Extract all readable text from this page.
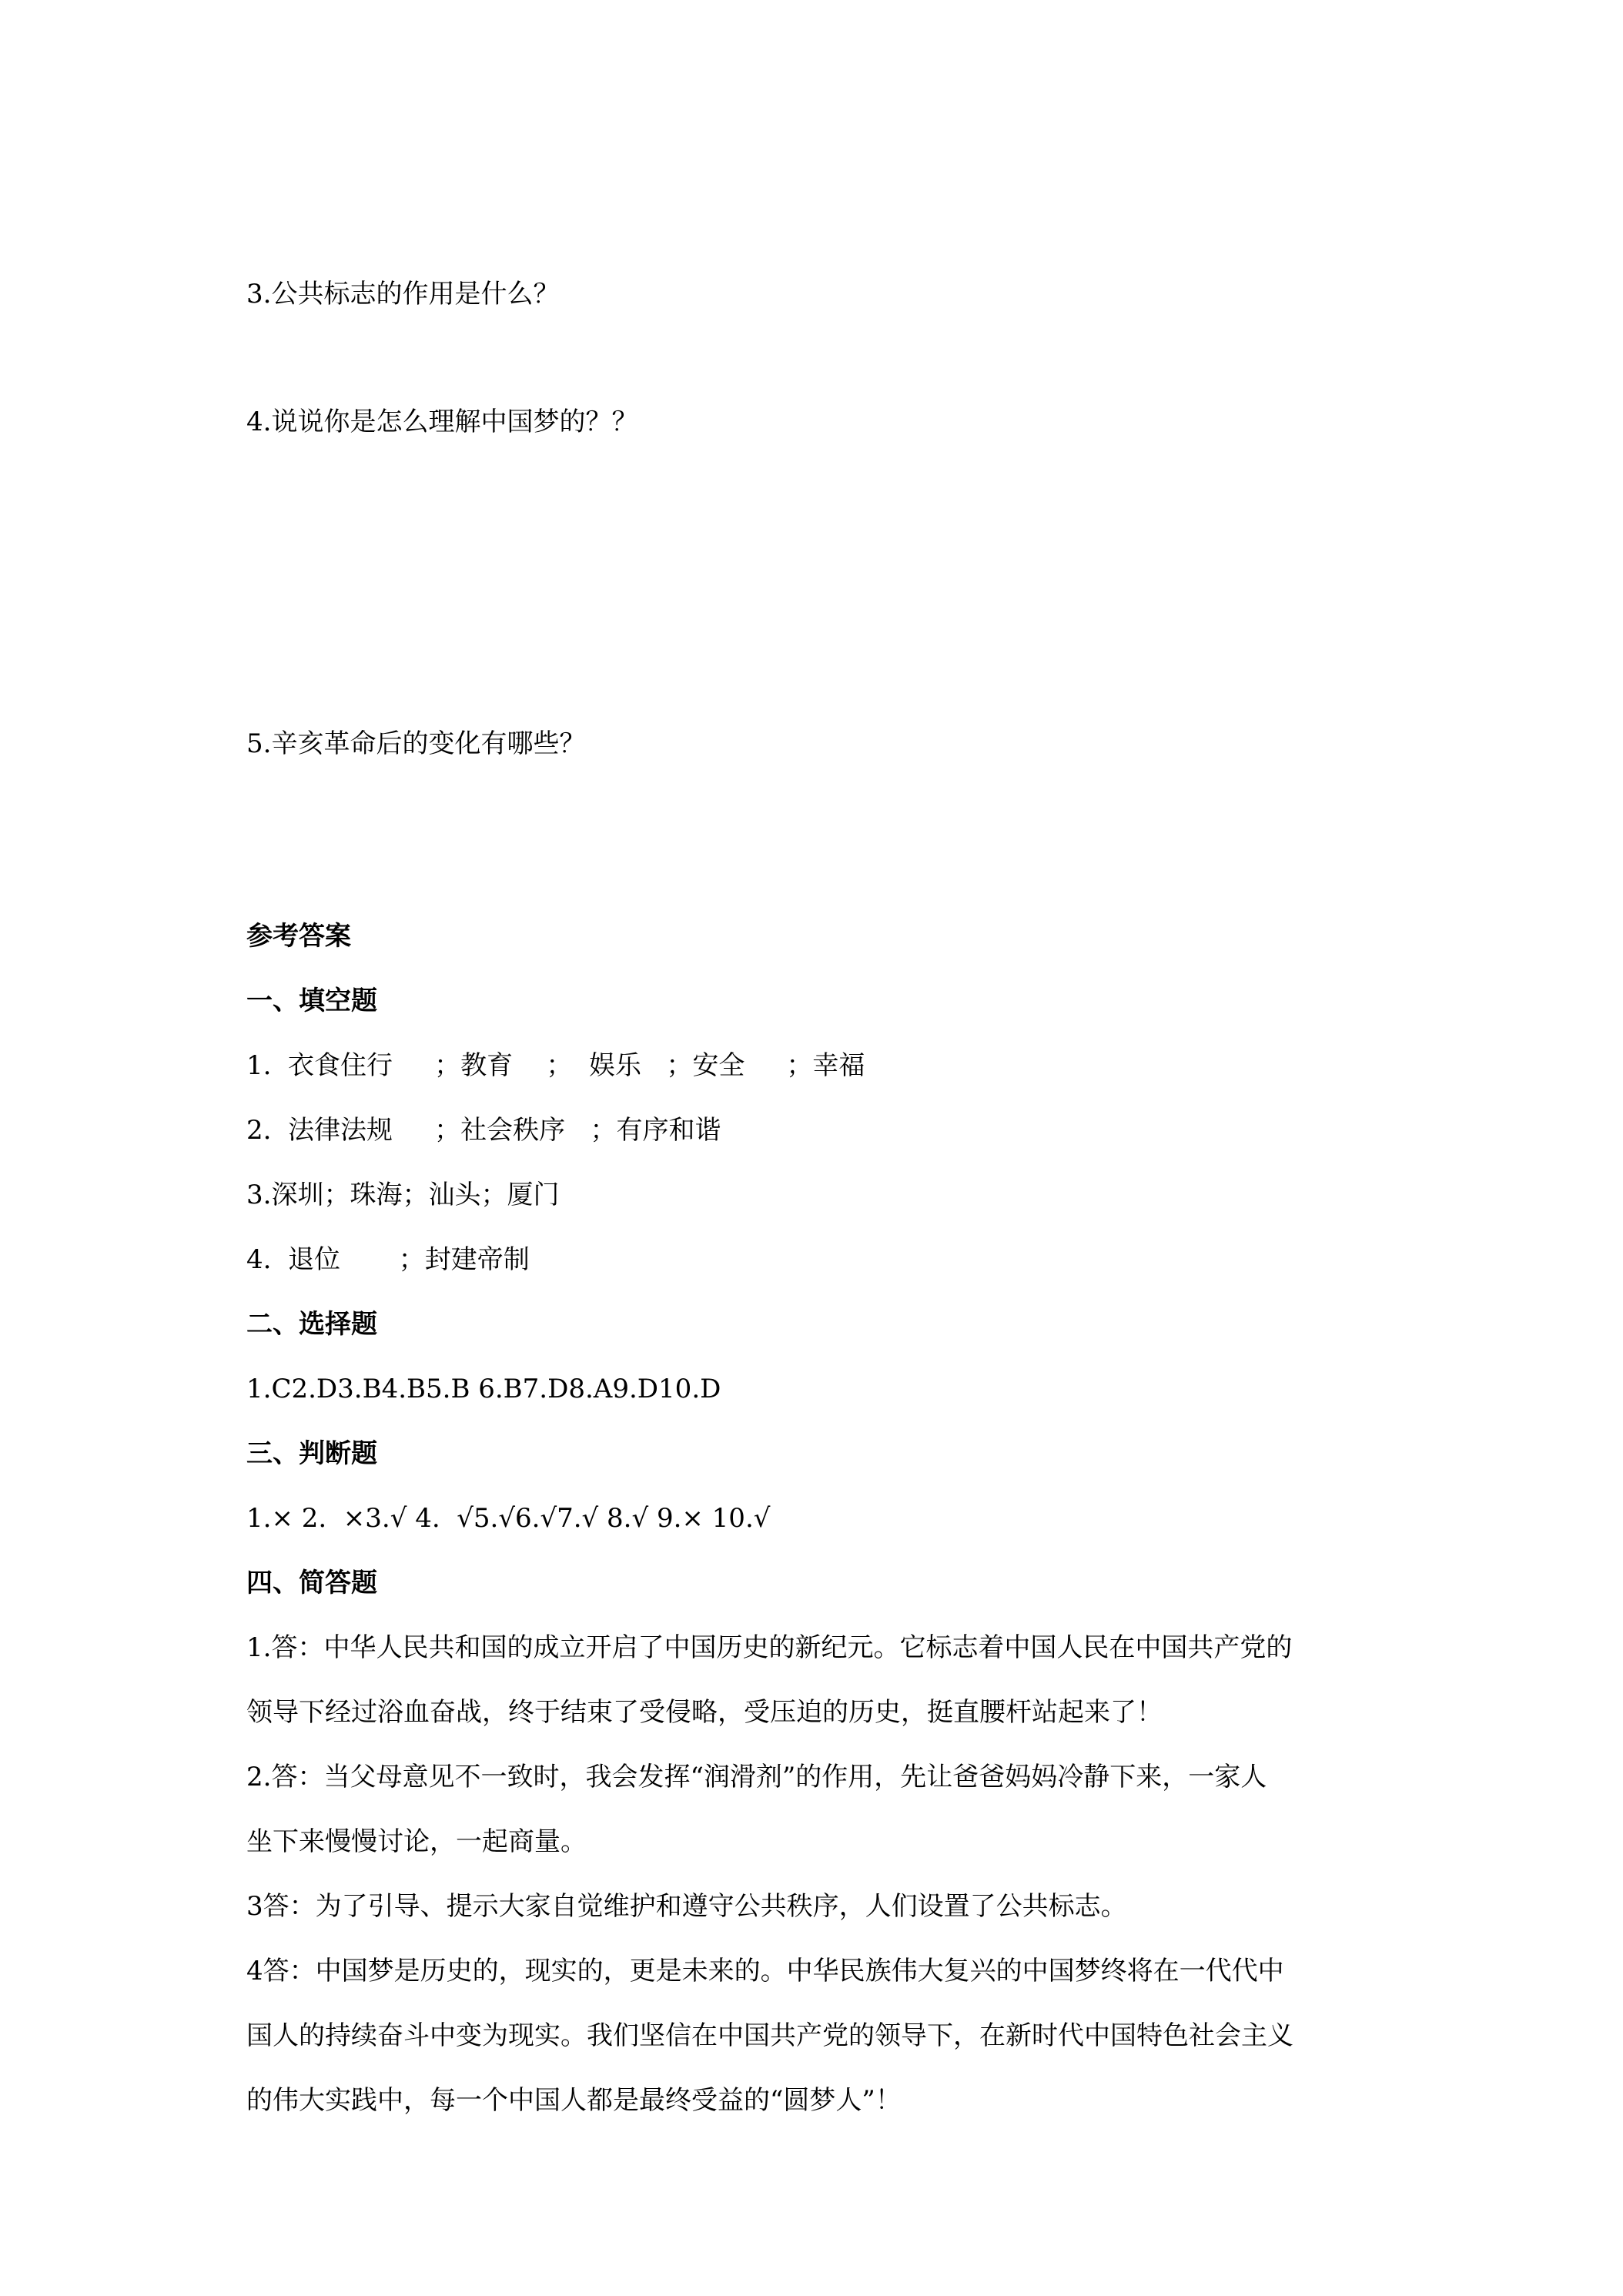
3.公共标志的作用是什么？

4.说说你是怎么理解中国梦的？？

5.辛亥革命后的变化有哪些？

参考答案

一、填空题

1.  衣食住行     ；教育    ；  娱乐   ；安全     ；幸福

2.  法律法规     ；社会秩序   ；有序和谐

3.深圳；珠海；汕头；厦门

4.  退位       ；封建帝制

二、选择题

1.C2.D3.B4.B5.B 6.B7.D8.A9.D10.D

三、判断题

1.× 2.  ×3.√ 4.  √5.√6.√7.√ 8.√ 9.× 10.√

四、简答题

1.答：中华人民共和国的成立开启了中国历史的新纪元。它标志着中国人民在中国共产党的

领导下经过浴血奋战，终于结束了受侵略，受压迫的历史，挺直腰杆站起来了！

2.答：当父母意见不一致时，我会发挥“润滑剂”的作用，先让爸爸妈妈冷静下来，一家人

坐下来慢慢讨论，一起商量。

3答：为了引导、提示大家自觉维护和遵守公共秩序，人们设置了公共标志。

4答：中国梦是历史的，现实的，更是未来的。中华民族伟大复兴的中国梦终将在一代代中

国人的持续奋斗中变为现实。我们坚信在中国共产党的领导下，在新时代中国特色社会主义

的伟大实践中，每一个中国人都是最终受益的“圆梦人”！
